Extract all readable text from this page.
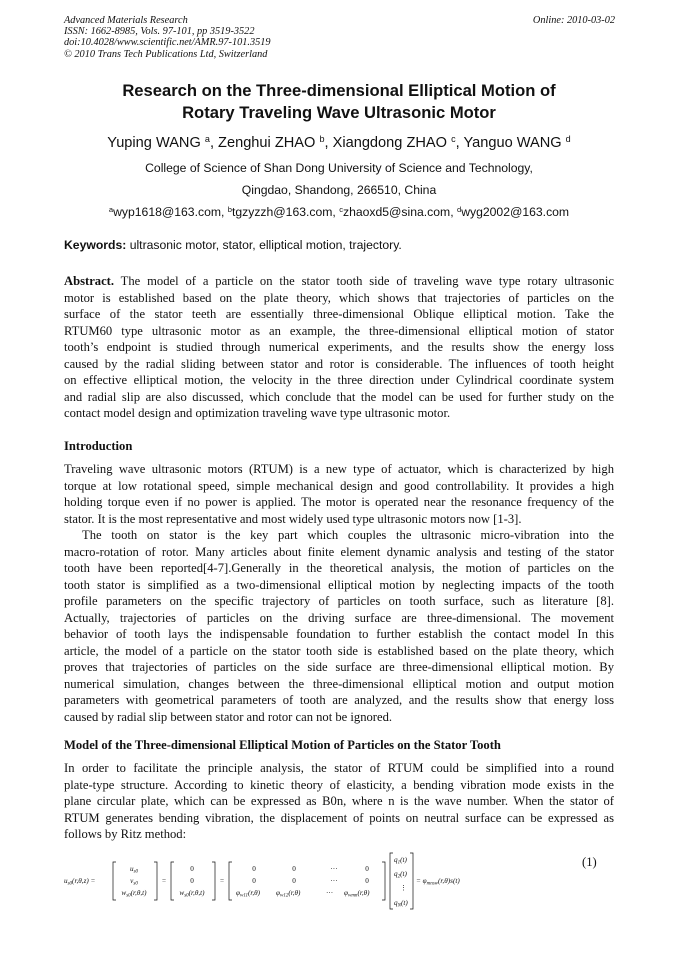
Advanced Materials Research
ISSN: 1662-8985, Vols. 97-101, pp 3519-3522
doi:10.4028/www.scientific.net/AMR.97-101.3519
© 2010 Trans Tech Publications Ltd, Switzerland
Online: 2010-03-02
Research on the Three-dimensional Elliptical Motion of
Rotary Traveling Wave Ultrasonic Motor
Yuping WANG $^a$, Zenghui ZHAO $^b$, Xiangdong ZHAO $^c$, Yanguo WANG $^d$
College of Science of Shan Dong University of Science and Technology,
Qingdao, Shandong, 266510, China
$^a$wyp1618@163.com, $^b$tgzyzzh@163.com, $^c$zhaoxd5@sina.com, $^d$wyg2002@163.com
Keywords: ultrasonic motor, stator, elliptical motion, trajectory.
Abstract. The model of a particle on the stator tooth side of traveling wave type rotary ultrasonic
motor is established based on the plate theory, which shows that trajectories of particles on the
surface of the stator teeth are essentially three-dimensional Oblique elliptical motion. Take the
RTUM60 type ultrasonic motor as an example, the three-dimensional elliptical motion of stator
tooth’s endpoint is studied through numerical experiments, and the results show the energy loss
caused by the radial sliding between stator and rotor is considerable. The influences of tooth height
on effective elliptical motion, the velocity in the three direction under Cylindrical coordinate system
and radial slip are also discussed, which conclude that the model can be used for further study on the
contact model design and optimization traveling wave type ultrasonic motor.
Introduction
Traveling wave ultrasonic motors (RTUM) is a new type of actuator, which is characterized by high
torque at low rotational speed, simple mechanical design and good controllability. It provides a high
holding torque even if no power is applied. The motor is operated near the resonance frequency of the
stator. It is the most representative and most widely used type ultrasonic motors now [1-3].
The tooth on stator is the key part which couples the ultrasonic micro-vibration into the
macro-rotation of rotor. Many articles about finite element dynamic analysis and testing of the stator
tooth have been reported[4-7].Generally in the theoretical analysis, the motion of particles on the
tooth stator is simplified as a two-dimensional elliptical motion by neglecting impacts of the tooth
profile parameters on the specific trajectory of particles on tooth surface, such as literature [8].
Actually, trajectories of particles on the driving surface are three-dimensional. The movement
behavior of tooth lays the indispensable foundation to further establish the contact model In this
article, the model of a particle on the stator tooth side is established based on the plate theory, which
proves that trajectories of particles on the side surface are three-dimensional elliptical motion. By
numerical simulation, changes between the three-dimensional elliptical motion and output motion
parameters with geometrical parameters of tooth are analyzed, and the results show that energy loss
caused by radial slip between stator and rotor can not be ignored.
Model of the Three-dimensional Elliptical Motion of Particles on the Stator Tooth
In order to facilitate the principle analysis, the stator of RTUM could be simplified into a round
plate-type structure. According to kinetic theory of elasticity, a bending vibration mode exists in the
plane circular plate, which can be expressed as B0n, where n is the wave number. When the stator of
RTUM generates bending vibration, the displacement of points on neutral surface can be expressed as
follows by Ritz method:
$u_{s0}(r,\theta,z)$ =
$u_{s0}$
$v_{s0}$
$w_{s0}(r,\theta,t)$
=
0
0
$w_{s0}(r,\theta,t)$
=
0	0	···	0
0	0	···	0
$\varphi_{w11}(r,\theta)$ $\varphi_{w12}(r,\theta)$	··· $\varphi_{wmn}(r,\theta)$
$q_1(t)$
$q_2(t)$
⋮
$q_N(t)$
= $\varphi_{mnsw}(r,\theta)s(t)$
(1)
